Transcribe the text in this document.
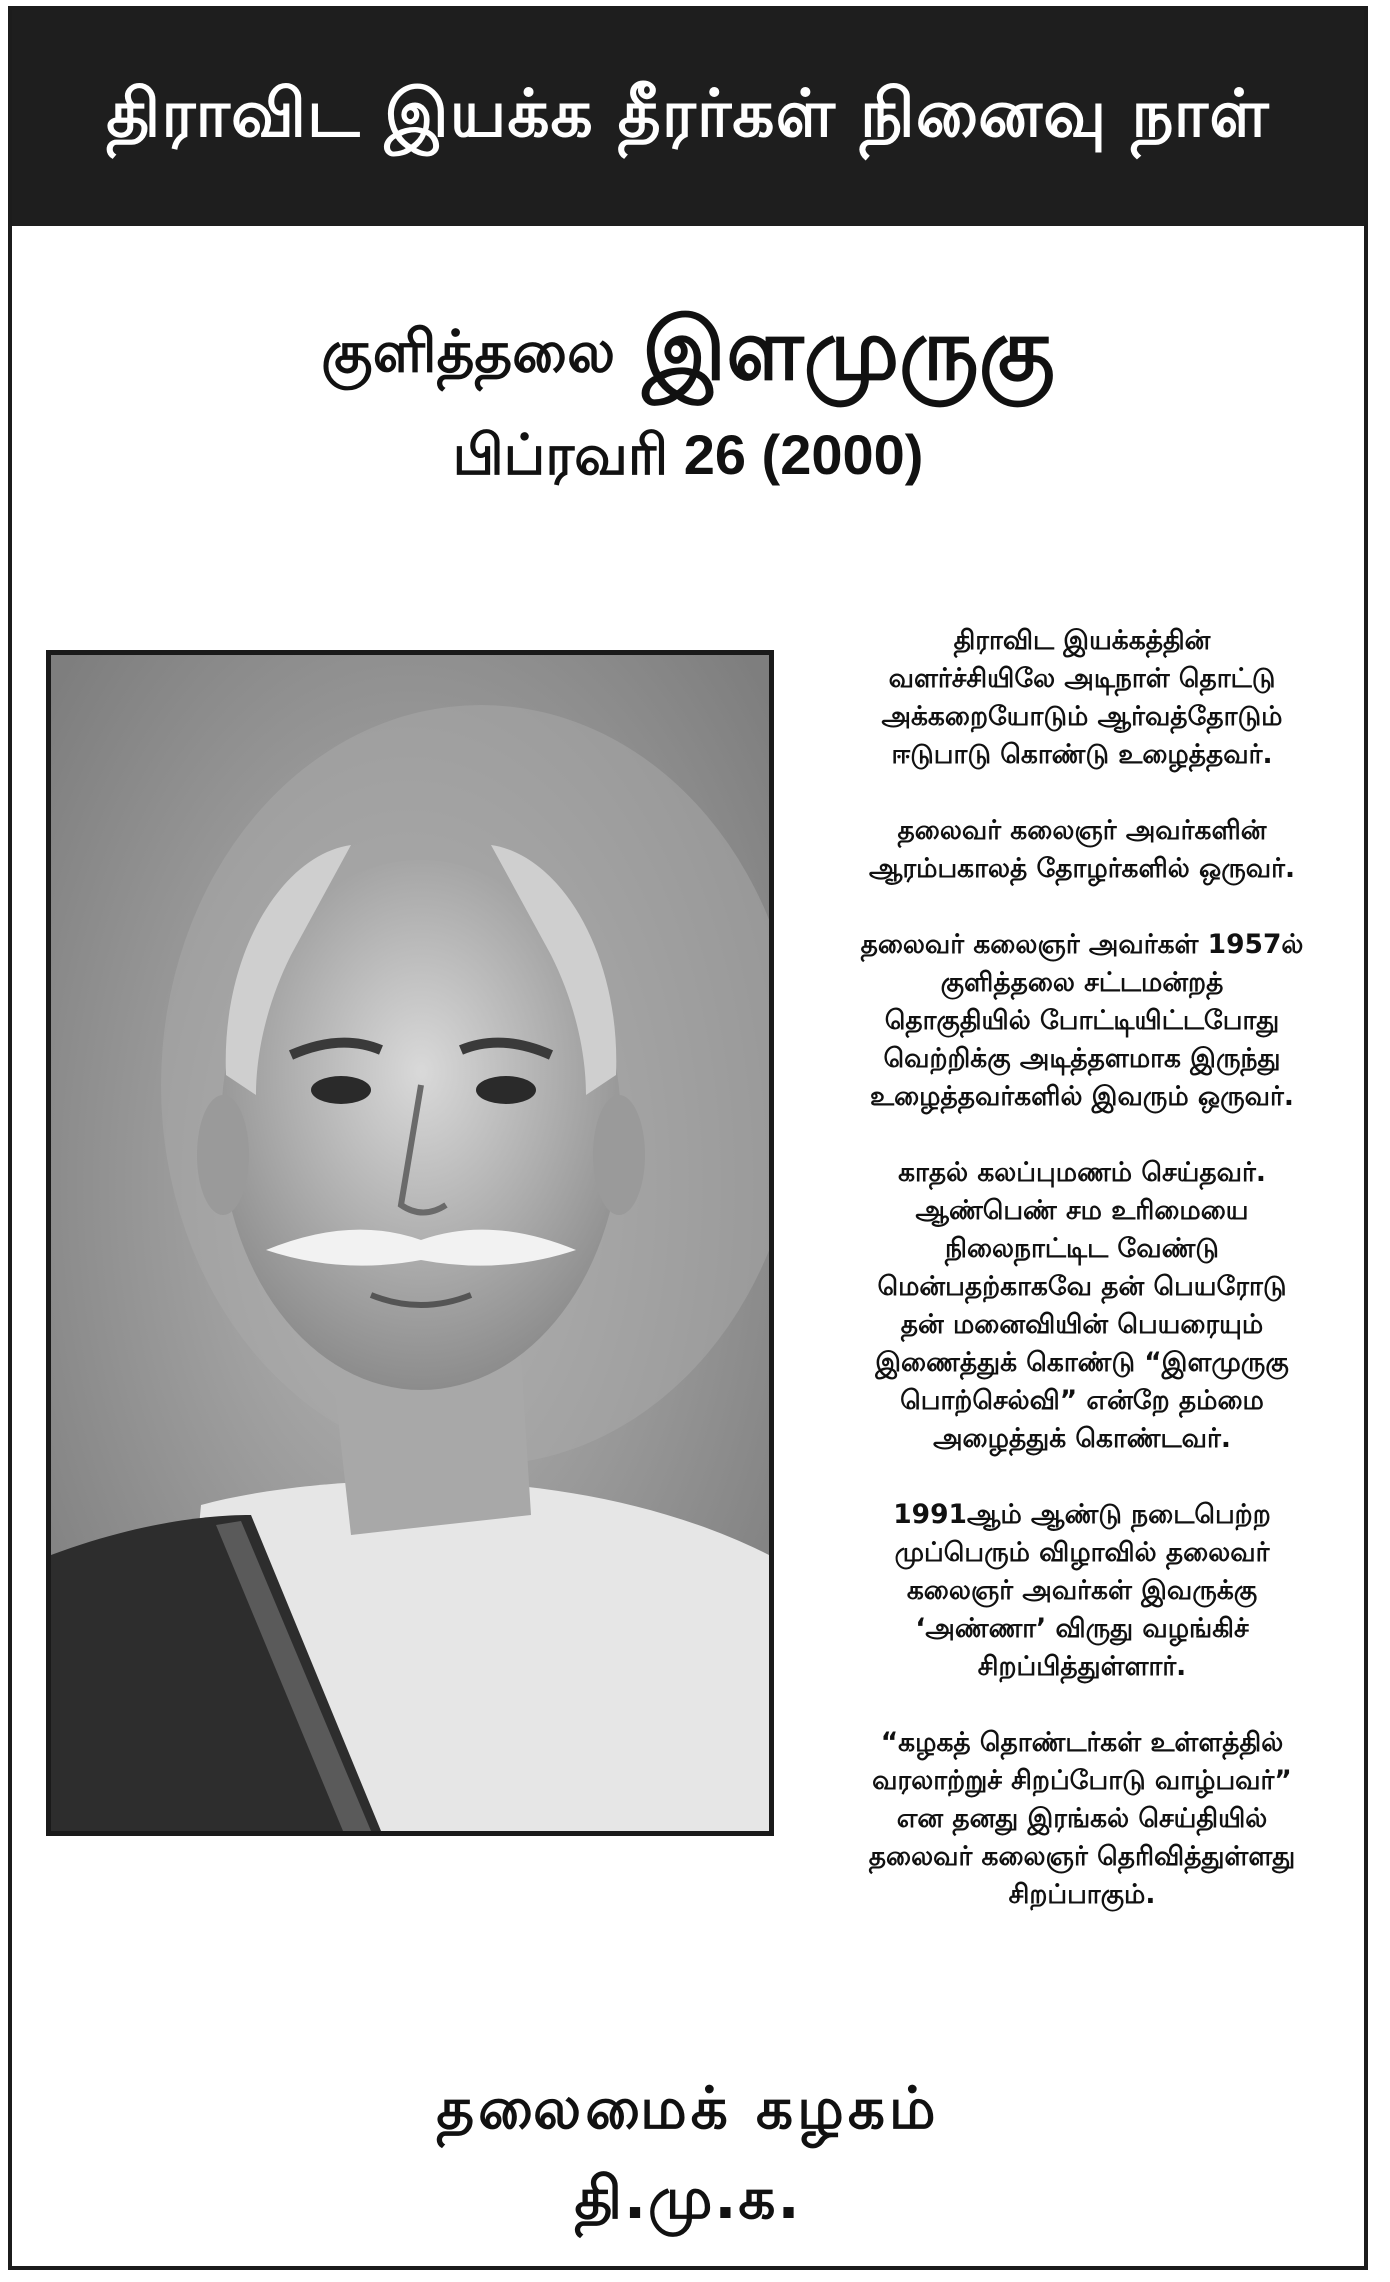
திராவிட இயக்க தீரர்கள் நினைவு நாள்
குளித்தலை இளமுருகு
பிப்ரவரி 26 (2000)

திராவிட இயக்கத்தின்
வளர்ச்சியிலே அடிநாள் தொட்டு
அக்கறையோடும் ஆர்வத்தோடும்
ஈடுபாடு கொண்டு உழைத்தவர்.

தலைவர் கலைஞர் அவர்களின்
ஆரம்பகாலத் தோழர்களில் ஒருவர்.

தலைவர் கலைஞர் அவர்கள் 1957ல்
குளித்தலை சட்டமன்றத்
தொகுதியில் போட்டியிட்டபோது
வெற்றிக்கு அடித்தளமாக இருந்து
உழைத்தவர்களில் இவரும் ஒருவர்.

காதல் கலப்புமணம் செய்தவர்.
ஆண்பெண் சம உரிமையை
நிலைநாட்டிட வேண்டு
மென்பதற்காகவே தன் பெயரோடு
தன் மனைவியின் பெயரையும்
இணைத்துக் கொண்டு “இளமுருகு
பொற்செல்வி” என்றே தம்மை
அழைத்துக் கொண்டவர்.

1991ஆம் ஆண்டு நடைபெற்ற
முப்பெரும் விழாவில் தலைவர்
கலைஞர் அவர்கள் இவருக்கு
‘அண்ணா’ விருது வழங்கிச்
சிறப்பித்துள்ளார்.

“கழகத் தொண்டர்கள் உள்ளத்தில்
வரலாற்றுச் சிறப்போடு வாழ்பவர்”
என தனது இரங்கல் செய்தியில்
தலைவர் கலைஞர் தெரிவித்துள்ளது
சிறப்பாகும்.

தலைமைக் கழகம்
தி.மு.க.
